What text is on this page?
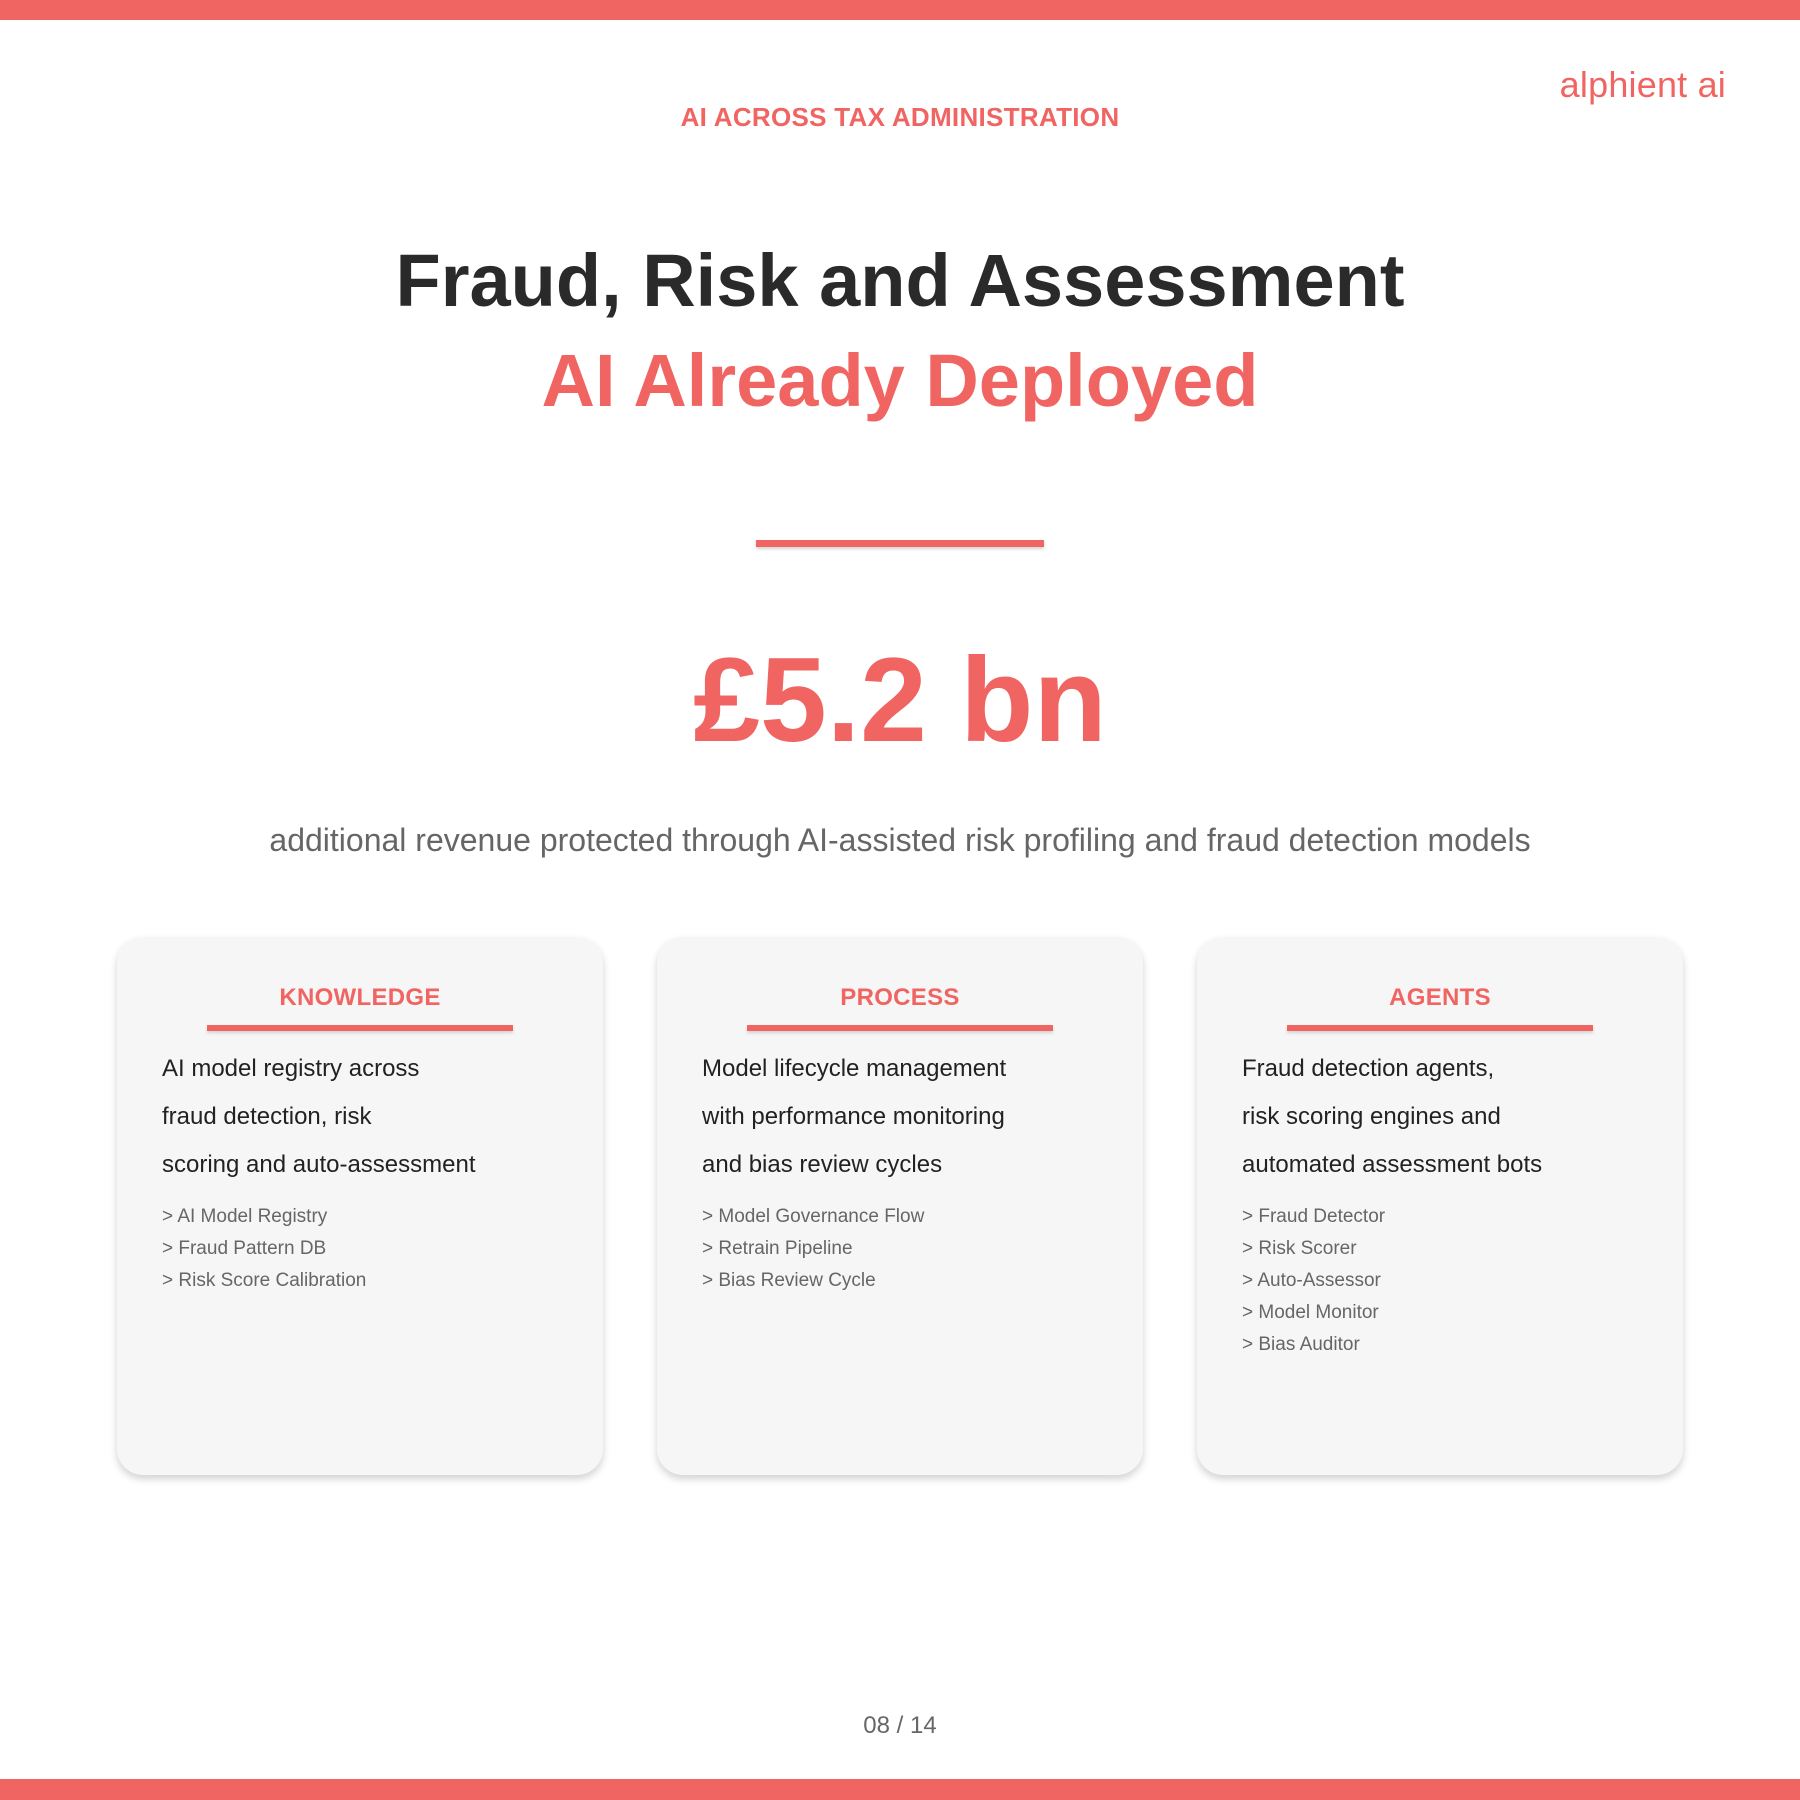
alphient ai
AI ACROSS TAX ADMINISTRATION
Fraud, Risk and Assessment
AI Already Deployed
£5.2 bn
additional revenue protected through AI-assisted risk profiling and fraud detection models
KNOWLEDGE
AI model registry across
fraud detection, risk
scoring and auto-assessment
> AI Model Registry
> Fraud Pattern DB
> Risk Score Calibration
PROCESS
Model lifecycle management
with performance monitoring
and bias review cycles
> Model Governance Flow
> Retrain Pipeline
> Bias Review Cycle
AGENTS
Fraud detection agents,
risk scoring engines and
automated assessment bots
> Fraud Detector
> Risk Scorer
> Auto-Assessor
> Model Monitor
> Bias Auditor
08 / 14
